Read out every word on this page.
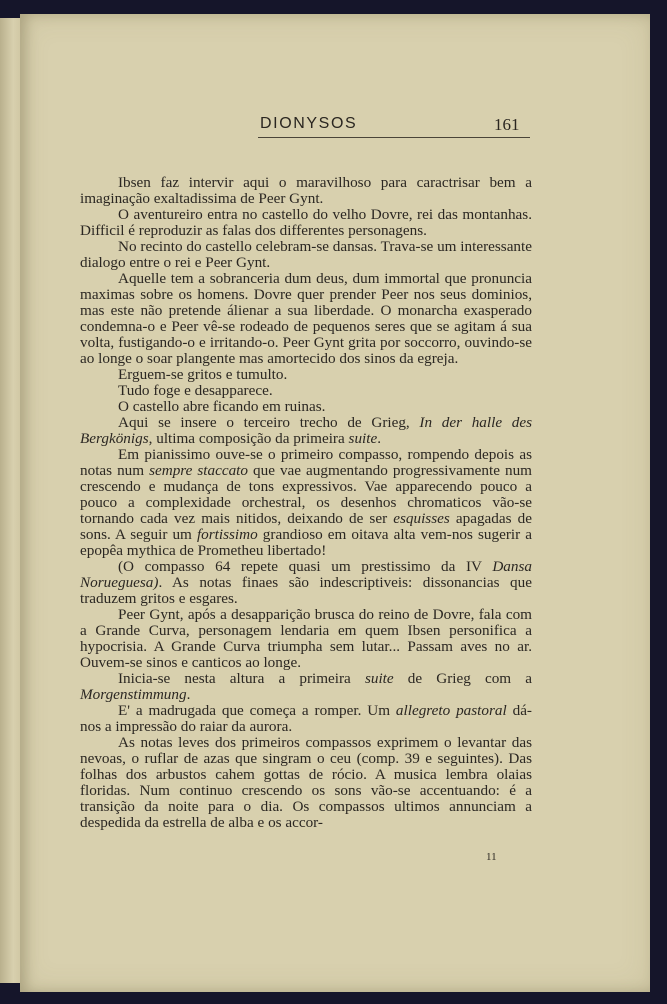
DIONYSOS	161

Ibsen faz intervir aqui o maravilhoso para caractrisar bem a imaginação exaltadissima de Peer Gynt.

O aventureiro entra no castello do velho Dovre, rei das montanhas. Difficil é reproduzir as falas dos differentes personagens.

No recinto do castello celebram-se dansas. Trava-se um interessante dialogo entre o rei e Peer Gynt.

Aquelle tem a sobranceria dum deus, dum immortal que pronuncia maximas sobre os homens. Dovre quer prender Peer nos seus dominios, mas este não pretende álienar a sua liberdade. O monarcha exasperado condemna-o e Peer vê-se rodeado de pequenos seres que se agitam á sua volta, fustigando-o e irritando-o. Peer Gynt grita por soccorro, ouvindo-se ao longe o soar plangente mas amortecido dos sinos da egreja.

Erguem-se gritos e tumulto.

Tudo foge e desapparece.

O castello abre ficando em ruinas.

Aqui se insere o terceiro trecho de Grieg, In der halle des Bergkönigs, ultima composição da primeira suite.

Em pianissimo ouve-se o primeiro compasso, rompendo depois as notas num sempre staccato que vae augmentando progressivamente num crescendo e mudança de tons expressivos. Vae apparecendo pouco a pouco a complexidade orchestral, os desenhos chromaticos vão-se tornando cada vez mais nitidos, deixando de ser esquisses apagadas de sons. A seguir um fortissimo grandioso em oitava alta vem-nos sugerir a epopêa mythica de Prometheu libertado!

(O compasso 64 repete quasi um prestissimo da IV Dansa Norueguesa). As notas finaes são indescriptiveis: dissonancias que traduzem gritos e esgares.

Peer Gynt, após a desapparição brusca do reino de Dovre, fala com a Grande Curva, personagem lendaria em quem Ibsen personifica a hypocrisia. A Grande Curva triumpha sem lutar... Passam aves no ar. Ouvem-se sinos e canticos ao longe.

Inicia-se nesta altura a primeira suite de Grieg com a Morgenstimmung.

E' a madrugada que começa a romper. Um allegreto pastoral dá-nos a impressão do raiar da aurora.

As notas leves dos primeiros compassos exprimem o levantar das nevoas, o ruflar de azas que singram o ceu (comp. 39 e seguintes). Das folhas dos arbustos cahem gottas de rócio. A musica lembra olaias floridas. Num continuo crescendo os sons vão-se accentuando: é a transição da noite para o dia. Os compassos ultimos annunciam a despedida da estrella de alba e os accor-

11
